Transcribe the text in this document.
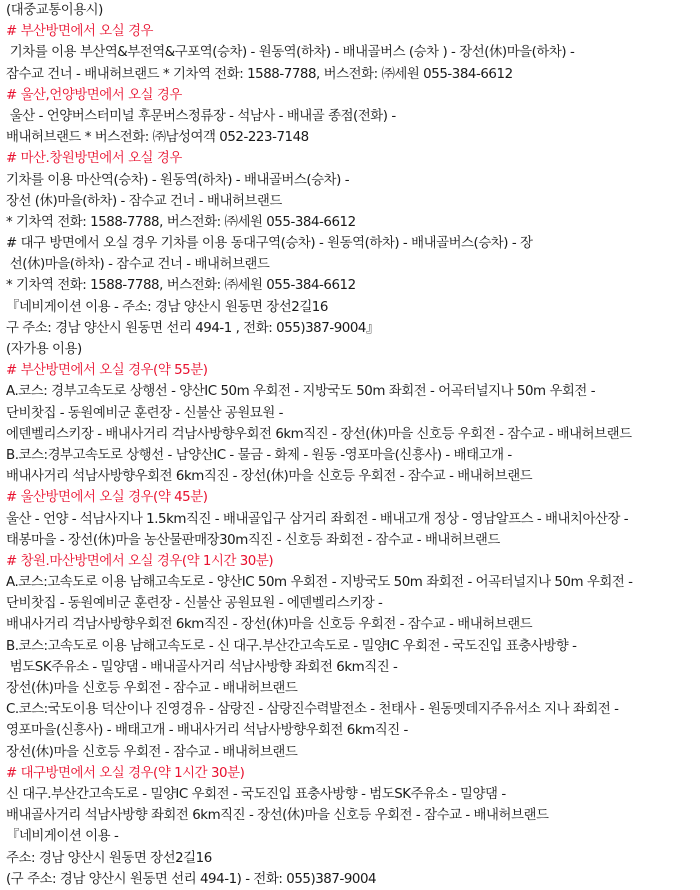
(대중교통이용시)
# 부산방면에서 오실 경우
기차를 이용 부산역&부전역&구포역(승차) - 원동역(하차) - 배내골버스 (승차 ) - 장선(休)마을(하차) -
잠수교 건너 - 배내허브랜드 * 기차역 전화: 1588-7788, 버스전화: ㈜세원 055-384-6612
# 울산,언양방면에서 오실 경우
울산 - 언양버스터미널 후문버스정류장 - 석남사 - 배내골 종점(전화) -
배내허브랜드 * 버스전화: ㈜남성여객 052-223-7148
# 마산.창원방면에서 오실 경우
기차를 이용 마산역(승차) - 원동역(하차) - 배내골버스(승차) -
장선 (休)마을(하차) - 잠수교 건너 - 배내허브랜드
* 기차역 전화: 1588-7788, 버스전화: ㈜세원 055-384-6612
# 대구 방면에서 오실 경우 기차를 이용 동대구역(승차) - 원동역(하차) - 배내골버스(승차) - 장
선(休)마을(하차) - 잠수교 건너 - 배내허브랜드
* 기차역 전화: 1588-7788, 버스전화: ㈜세원 055-384-6612
『네비게이션 이용 - 주소: 경남 양산시 원동면 장선2길16
구 주소: 경남 양산시 원동면 선리 494-1 , 전화: 055)387-9004』
(자가용 이용)
# 부산방면에서 오실 경우(약 55분)
A.코스: 경부고속도로 상행선 - 양산IC 50m 우회전 - 지방국도 50m 좌회전 - 어곡터널지나 50m 우회전 -
단비찻집 - 동원예비군 훈련장 - 신불산 공원묘원 -
에덴벨리스키장 - 배내사거리 걱남사방향우회전 6km직진 - 장선(休)마을 신호등 우회전 - 잠수교 - 배내허브랜드
B.코스:경부고속도로 상행선 - 남양산IC - 물금 - 화제 - 원동 -영포마을(신흥사) - 배태고개 -
배내사거리 석남사방향우회전 6km직진 - 장선(休)마을 신호등 우회전 - 잠수교 - 배내허브랜드
# 울산방면에서 오실 경우(약 45분)
울산 - 언양 - 석남사지나 1.5km직진 - 배내골입구 삼거리 좌회전 - 배내고개 정상 - 영남알프스 - 배내치아산장 -
태봉마을 - 장선(休)마을 농산물판매장30m직진 - 신호등 좌회전 - 잠수교 - 배내허브랜드
# 창원.마산방면에서 오실 경우(약 1시간 30분)
A.코스:고속도로 이용 남해고속도로 - 양산IC 50m 우회전 - 지방국도 50m 좌회전 - 어곡터널지나 50m 우회전 -
단비찻집 - 동원예비군 훈련장 - 신불산 공원묘원 - 에덴벨리스키장 -
배내사거리 걱남사방향우회전 6km직진 - 장선(休)마을 신호등 우회전 - 잠수교 - 배내허브랜드
B.코스:고속도로 이용 남해고속도로 - 신 대구.부산간고속도로 - 밀양IC 우회전 - 국도진입 표충사방향 -
범도SK주유소 - 밀양댐 - 배내골사거리 석남사방향 좌회전 6km직진 -
장선(休)마을 신호등 우회전 - 잠수교 - 배내허브랜드
C.코스:국도이용 덕산이나 진영경유 - 삼랑진 - 삼랑진수력발전소 - 천태사 - 원동멧데지주유서소 지나 좌회전 -
영포마을(신흥사) - 배태고개 - 배내사거리 석남사방향우회전 6km직진 -
장선(休)마을 신호등 우회전 - 잠수교 - 배내허브랜드
# 대구방면에서 오실 경우(약 1시간 30분)
신 대구.부산간고속도로 - 밀양IC 우회전 - 국도진입 표충사방향 - 범도SK주유소 - 밀양댐 -
배내골사거리 석남사방향 좌회전 6km직진 - 장선(休)마을 신호등 우회전 - 잠수교 - 배내허브랜드
『네비게이션 이용 -
주소: 경남 양산시 원동면 장선2길16
(구 주소: 경남 양산시 원동면 선리 494-1) - 전화: 055)387-9004
